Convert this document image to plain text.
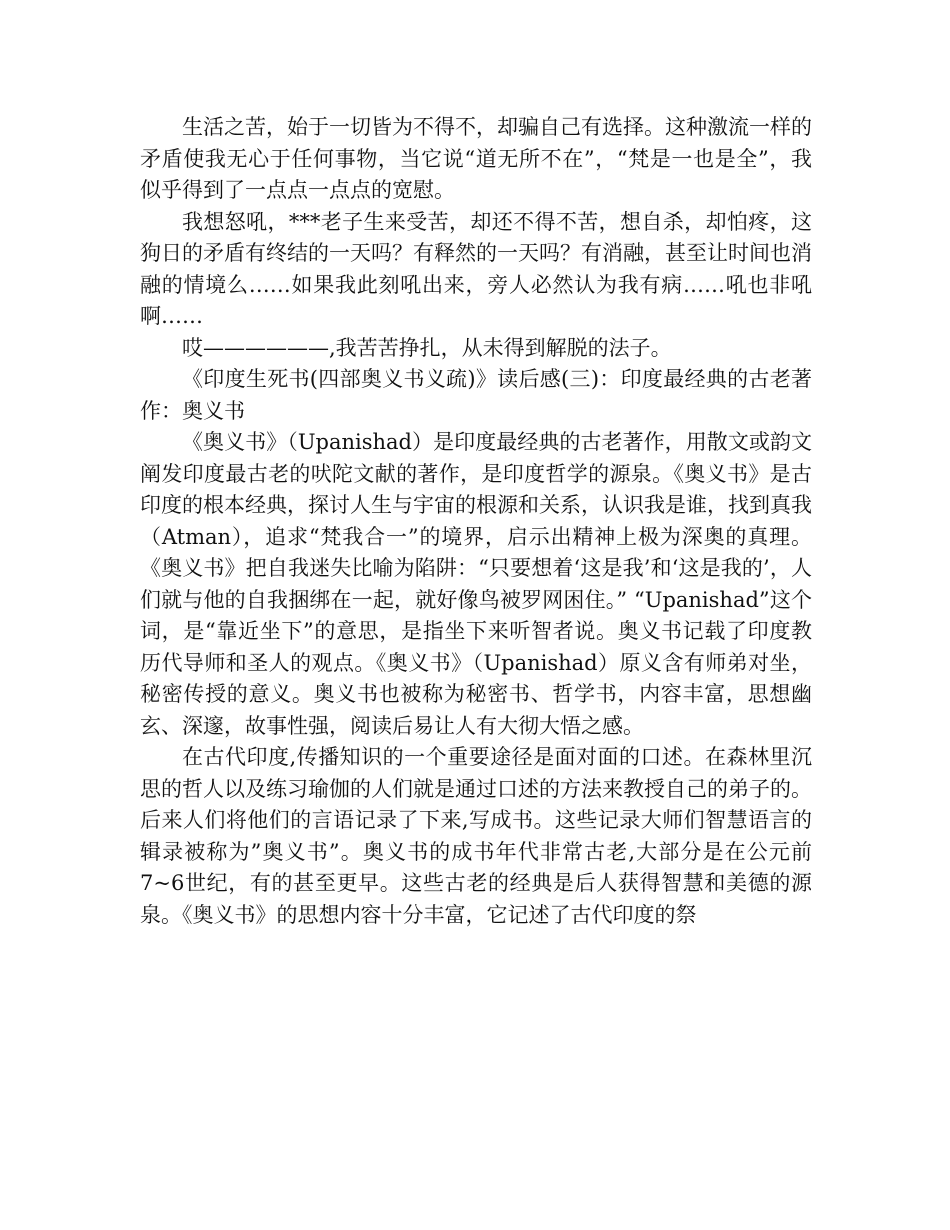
生活之苦，始于一切皆为不得不，却骗自己有选择。这种激流一样的矛盾使我无心于任何事物，当它说“道无所不在”，“梵是一也是全”，我似乎得到了一点点一点点的宽慰。

我想怒吼，***老子生来受苦，却还不得不苦，想自杀，却怕疼，这狗日的矛盾有终结的一天吗？有释然的一天吗？有消融，甚至让时间也消融的情境么……如果我此刻吼出来，旁人必然认为我有病……吼也非吼啊……

哎——————,我苦苦挣扎，从未得到解脱的法子。

《印度生死书(四部奥义书义疏)》读后感(三)：印度最经典的古老著作：奥义书

《奥义书》（Upanishad）是印度最经典的古老著作，用散文或韵文阐发印度最古老的吠陀文献的著作，是印度哲学的源泉。《奥义书》是古印度的根本经典，探讨人生与宇宙的根源和关系，认识我是谁，找到真我（Atman），追求“梵我合一”的境界，启示出精神上极为深奥的真理。《奥义书》把自我迷失比喻为陷阱：“只要想着‘这是我’和‘这是我的’，人们就与他的自我捆绑在一起，就好像鸟被罗网困住。” “Upanishad”这个词，是“靠近坐下”的意思，是指坐下来听智者说。奥义书记载了印度教历代导师和圣人的观点。《奥义书》（Upanishad）原义含有师弟对坐，秘密传授的意义。奥义书也被称为秘密书、哲学书，内容丰富，思想幽玄、深邃，故事性强，阅读后易让人有大彻大悟之感。

在古代印度,传播知识的一个重要途径是面对面的口述。在森林里沉思的哲人以及练习瑜伽的人们就是通过口述的方法来教授自己的弟子的。后来人们将他们的言语记录了下来,写成书。这些记录大师们智慧语言的辑录被称为”奥义书”。奥义书的成书年代非常古老,大部分是在公元前7~6世纪，有的甚至更早。这些古老的经典是后人获得智慧和美德的源泉。《奥义书》的思想内容十分丰富，它记述了古代印度的祭
